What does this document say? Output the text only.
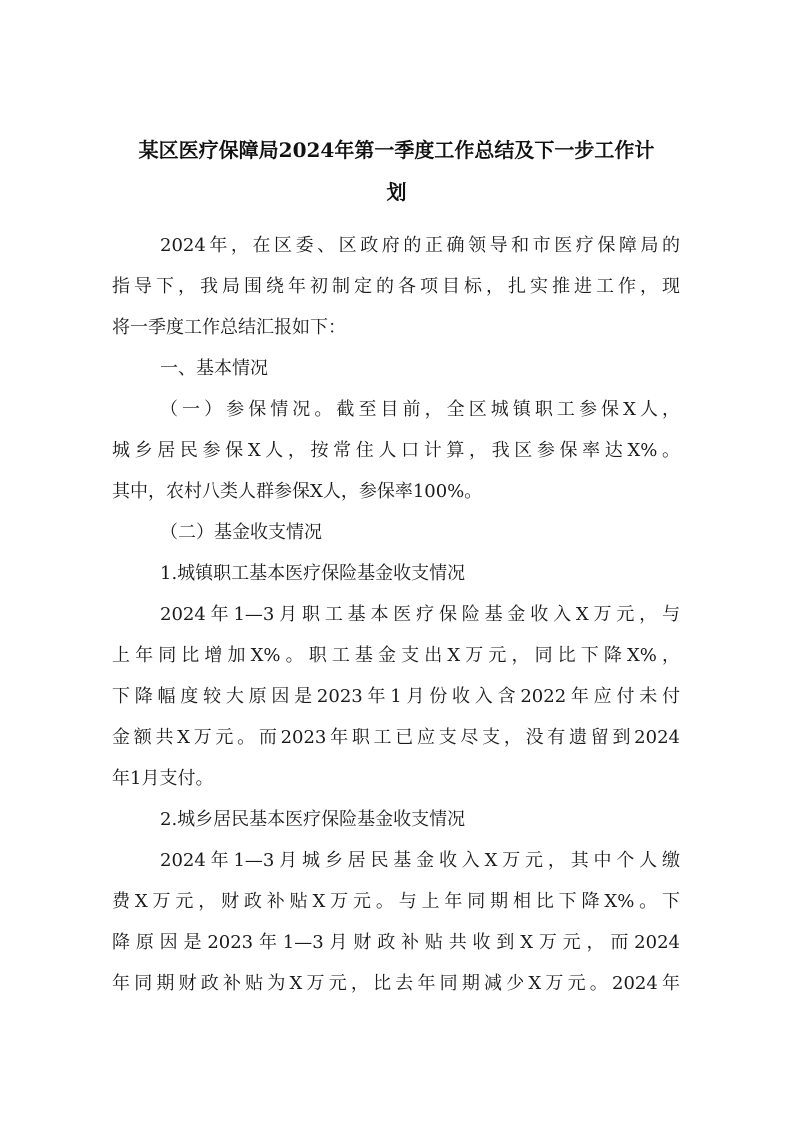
某区医疗保障局2024年第一季度工作总结及下一步工作计
划

2024年，在区委、区政府的正确领导和市医疗保障局的

指导下，我局围绕年初制定的各项目标，扎实推进工作，现

将一季度工作总结汇报如下：

一、基本情况

（一）参保情况。截至目前，全区城镇职工参保X人，

城乡居民参保X人，按常住人口计算，我区参保率达X%。

其中，农村八类人群参保X人，参保率100%。

（二）基金收支情况

1.城镇职工基本医疗保险基金收支情况

2024年1—3月职工基本医疗保险基金收入X万元，与

上年同比增加X%。职工基金支出X万元，同比下降X%，

下降幅度较大原因是2023年1月份收入含2022年应付未付

金额共X万元。而2023年职工已应支尽支，没有遗留到2024

年1月支付。

2.城乡居民基本医疗保险基金收支情况

2024年1—3月城乡居民基金收入X万元，其中个人缴

费X万元，财政补贴X万元。与上年同期相比下降X%。下

降原因是2023年1—3月财政补贴共收到X万元，而2024

年同期财政补贴为X万元，比去年同期减少X万元。2024年
